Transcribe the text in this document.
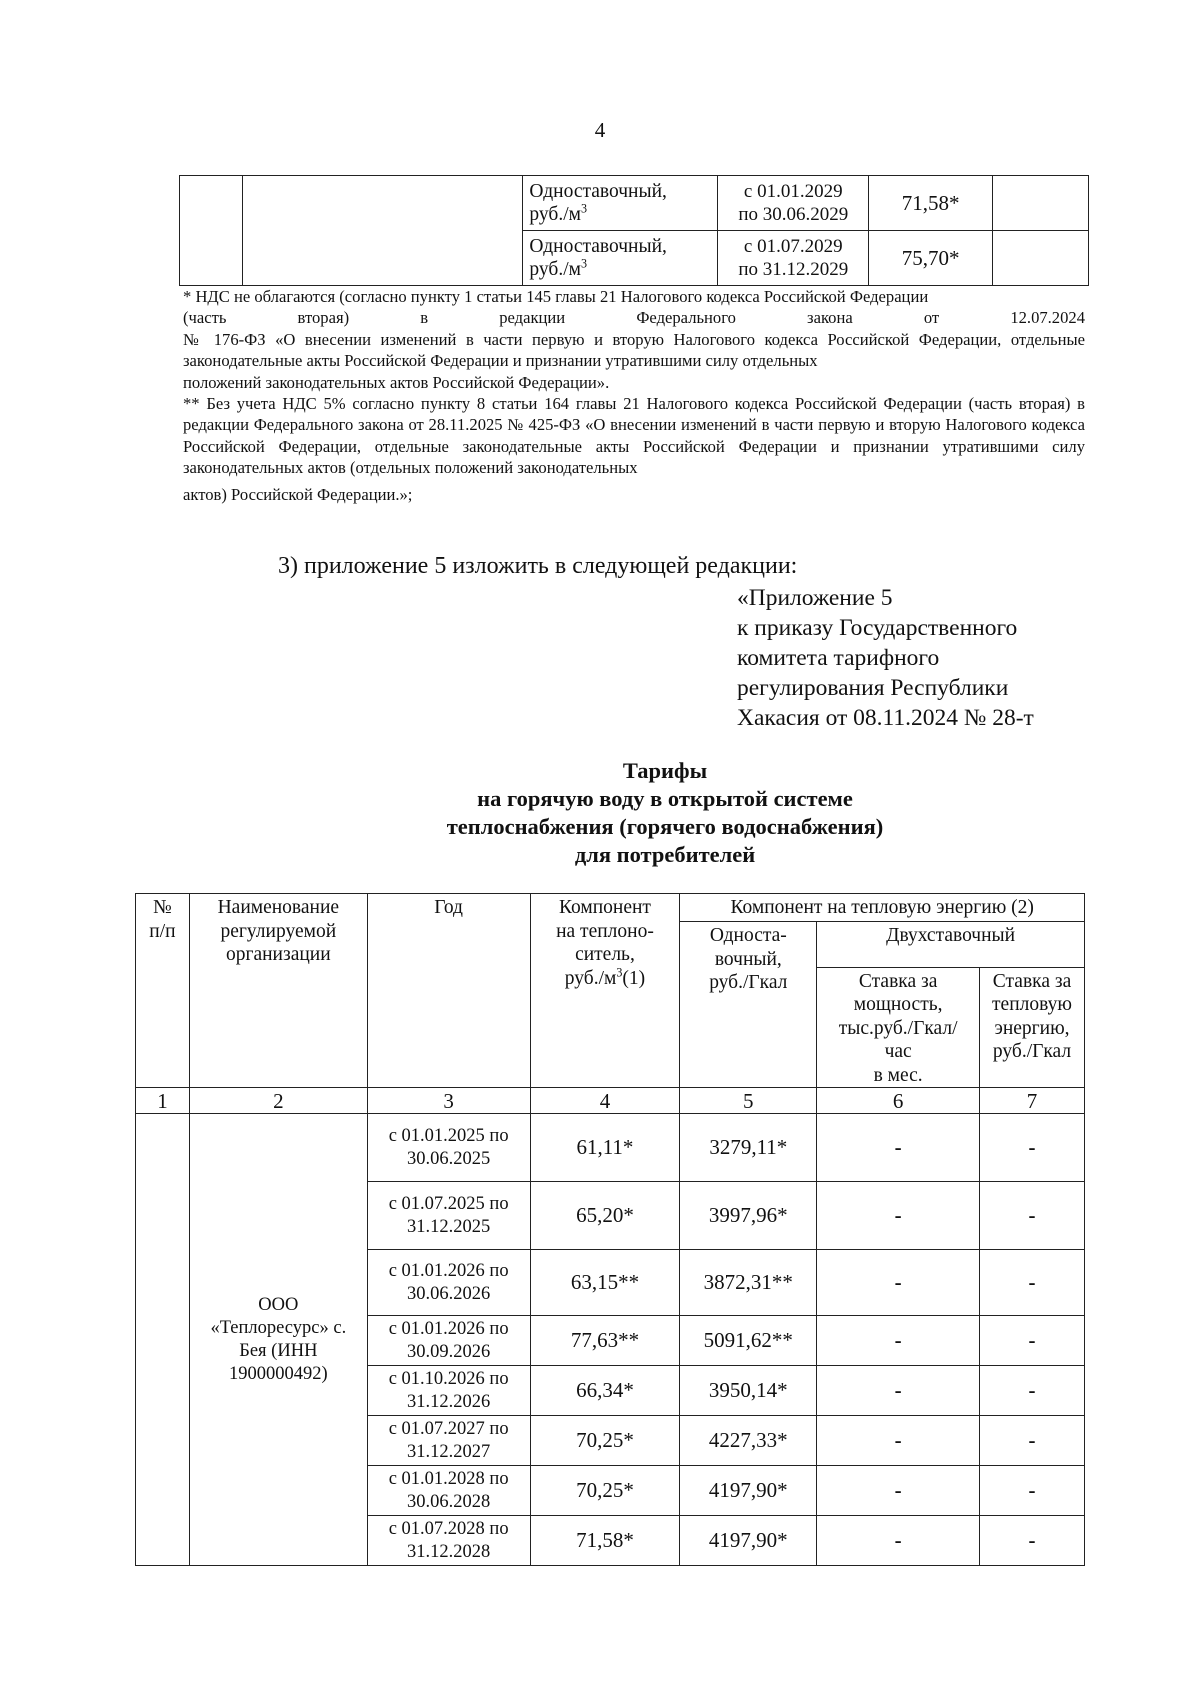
4
		Одноставочный,
$руб./м^3$	с 01.01.2029
по 30.06.2029	71,58*	
		Одноставочный,
$руб./м^3$	с 01.07.2029
по 31.12.2029	75,70*	

* НДС не облагаются (согласно пункту 1 статьи 145 главы 21 Налогового кодекса Российской Федерации
(часть вторая) в редакции Федерального закона от 12.07.2024
№ 176-ФЗ «О внесении изменений в части первую и вторую Налогового кодекса Российской Федерации, отдельные законодательные акты Российской Федерации и признании утратившими силу отдельных
положений законодательных актов Российской Федерации».

** Без учета НДС 5% согласно пункту 8 статьи 164 главы 21 Налогового кодекса Российской Федерации (часть вторая) в редакции Федерального закона от 28.11.2025 № 425-ФЗ «О внесении изменений в части первую и вторую Налогового кодекса Российской Федерации, отдельные законодательные акты Российской Федерации и признании утратившими силу законодательных актов (отдельных положений законодательных
актов) Российской Федерации.»;

3) приложение 5 изложить в следующей редакции:
«Приложение 5
к приказу Государственного
комитета тарифного
регулирования Республики
Хакасия от 08.11.2024 № 28-т
Тарифы
на горячую воду в открытой системе
теплоснабжения (горячего водоснабжения)
для потребителей
№
п/п	Наименование
регулируемой
организации	Год	Компонент
на теплоно-
ситель,
$руб./м^3(1)$	Компонент на тепловую энергию (2)		
				Односта-
вочный,
руб./Гкал	Двухставочный	
					Ставка за
мощность,
тыс.руб./Гкал/
час
в мес.	Ставка за
тепловую
энергию,
руб./Гкал
1	2	3	4	5	6	7
	ООО
«Теплоресурс» с.
Бея (ИНН
1900000492)	с 01.01.2025 по
30.06.2025	61,11*	3279,11*	-	-
		с 01.07.2025 по
31.12.2025	65,20*	3997,96*	-	-
		с 01.01.2026 по
30.06.2026	63,15**	3872,31**	-	-
		с 01.01.2026 по
30.09.2026	77,63**	5091,62**	-	-
		с 01.10.2026 по
31.12.2026	66,34*	3950,14*	-	-
		с 01.07.2027 по
31.12.2027	70,25*	4227,33*	-	-
		с 01.01.2028 по
30.06.2028	70,25*	4197,90*	-	-
		с 01.07.2028 по
31.12.2028	71,58*	4197,90*	-	-
